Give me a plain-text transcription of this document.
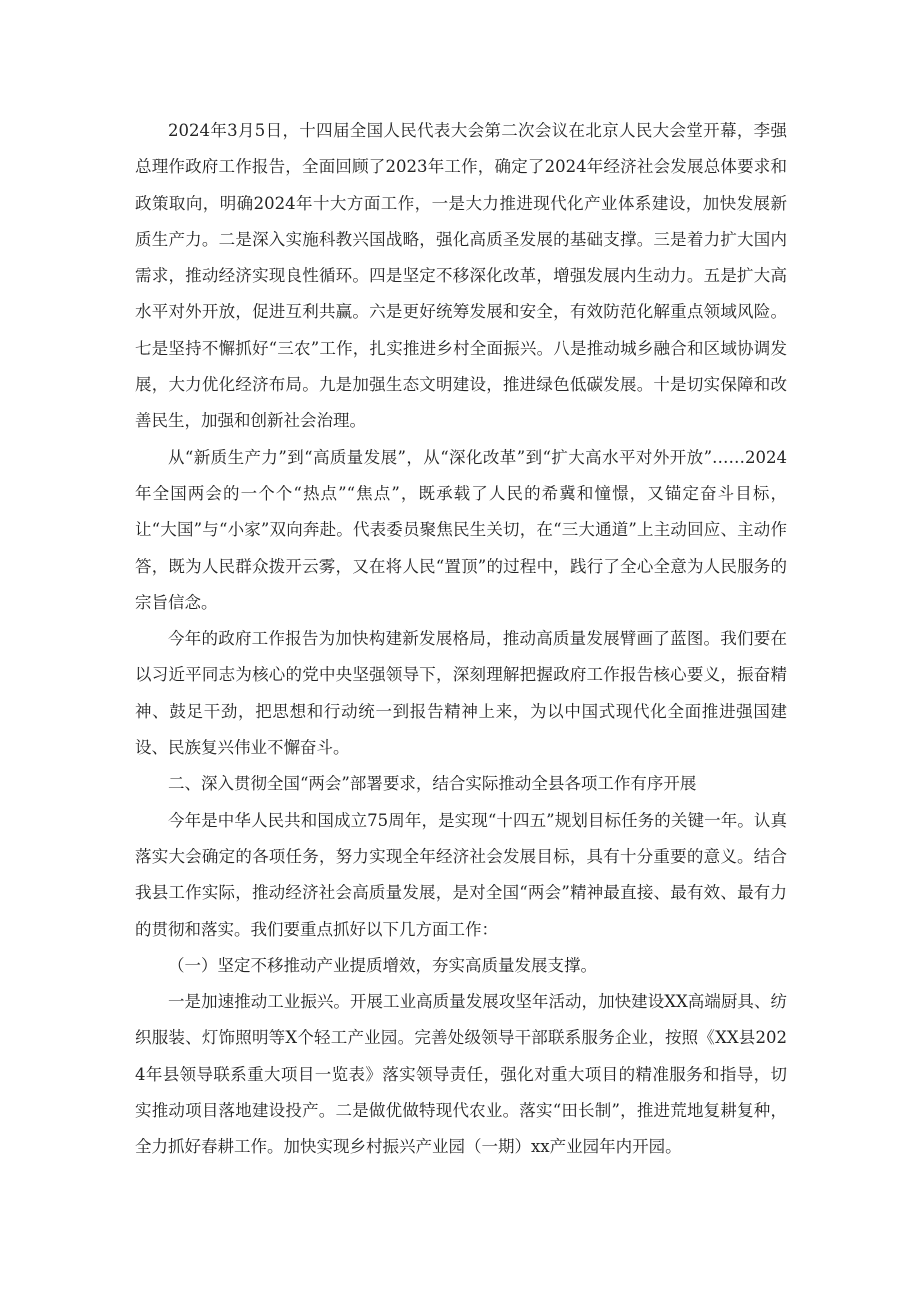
2024年3月5日，十四届全国人民代表大会第二次会议在北京人民大会堂开幕，李强总理作政府工作报告，全面回顾了2023年工作，确定了2024年经济社会发展总体要求和政策取向，明确2024年十大方面工作，一是大力推进现代化产业体系建设，加快发展新质生产力。二是深入实施科教兴国战略，强化高质圣发展的基础支撑。三是着力扩大国内需求，推动经济实现良性循环。四是坚定不移深化改革，增强发展内生动力。五是扩大高水平对外开放，促进互利共赢。六是更好统筹发展和安全，有效防范化解重点领域风险。七是坚持不懈抓好“三农”工作，扎实推进乡村全面振兴。八是推动城乡融合和区域协调发展，大力优化经济布局。九是加强生态文明建设，推进绿色低碳发展。十是切实保障和改善民生，加强和创新社会治理。

从“新质生产力”到“高质量发展”，从“深化改革”到“扩大高水平对外开放”……2024年全国两会的一个个“热点”“焦点”，既承载了人民的希冀和憧憬，又锚定奋斗目标，让“大国”与“小家”双向奔赴。代表委员聚焦民生关切，在“三大通道”上主动回应、主动作答，既为人民群众拨开云雾，又在将人民“置顶”的过程中，践行了全心全意为人民服务的宗旨信念。

今年的政府工作报告为加快构建新发展格局，推动高质量发展臂画了蓝图。我们要在以习近平同志为核心的党中央坚强领导下，深刻理解把握政府工作报告核心要义，振奋精神、鼓足干劲，把思想和行动统一到报告精神上来，为以中国式现代化全面推进强国建设、民族复兴伟业不懈奋斗。

二、深入贯彻全国“两会”部署要求，结合实际推动全县各项工作有序开展

今年是中华人民共和国成立75周年，是实现“十四五”规划目标任务的关键一年。认真落实大会确定的各项任务，努力实现全年经济社会发展目标，具有十分重要的意义。结合我县工作实际，推动经济社会高质量发展，是对全国“两会”精神最直接、最有效、最有力的贯彻和落实。我们要重点抓好以下几方面工作：

（一）坚定不移推动产业提质增效，夯实高质量发展支撑。

一是加速推动工业振兴。开展工业高质量发展攻坚年活动，加快建设XX高端厨具、纺织服装、灯饰照明等X个轻工产业园。完善处级领导干部联系服务企业，按照《XX县2024年县领导联系重大项目一览表》落实领导责任，强化对重大项目的精准服务和指导，切实推动项目落地建设投产。二是做优做特现代农业。落实“田长制”，推进荒地复耕复种，全力抓好春耕工作。加快实现乡村振兴产业园（一期）xx产业园年内开园。
